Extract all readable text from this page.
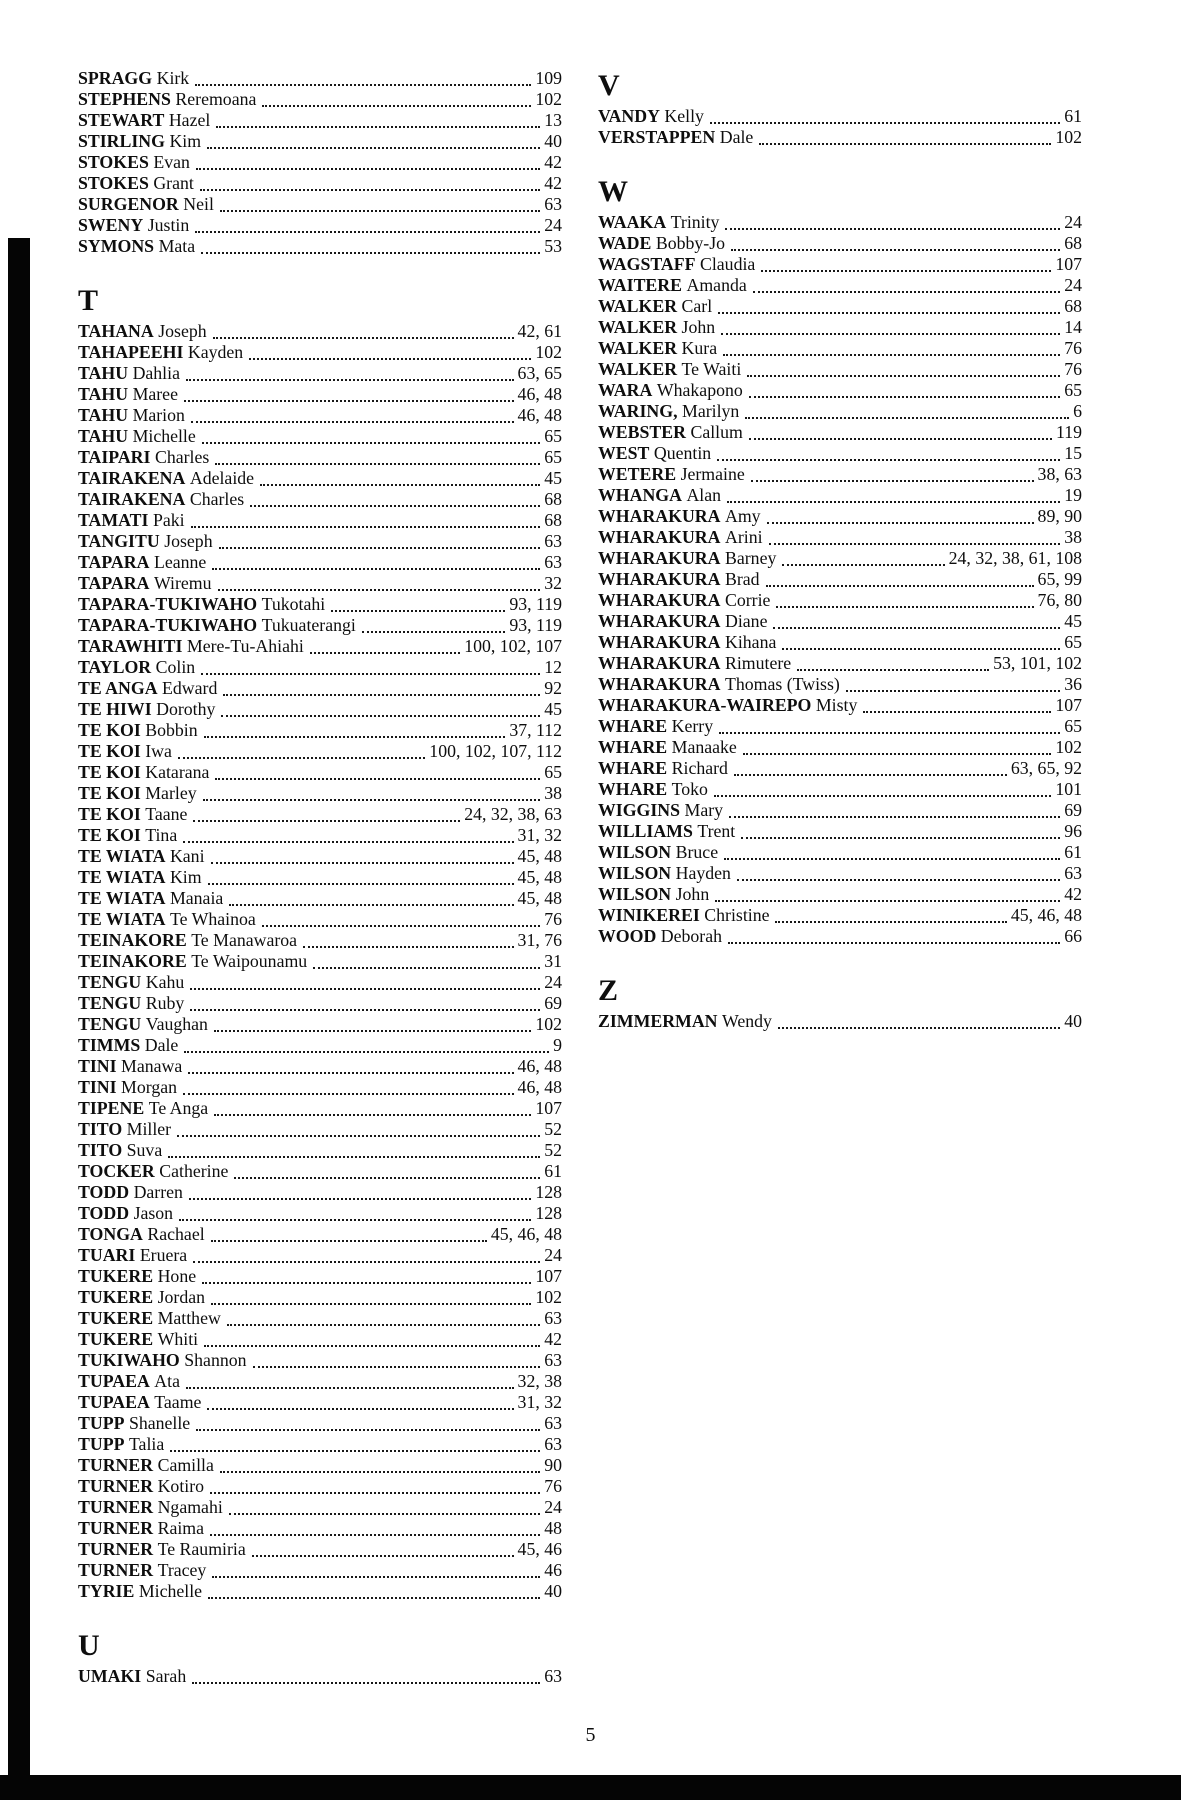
SPRAGG Kirk	109
STEPHENS Reremoana	102
STEWART Hazel	13
STIRLING Kim	40
STOKES Evan	42
STOKES Grant	42
SURGENOR Neil	63
SWENY Justin	24
SYMONS Mata	53
T
TAHANA Joseph	42, 61
TAHAPEEHI Kayden	102
TAHU Dahlia	63, 65
TAHU Maree	46, 48
TAHU Marion	46, 48
TAHU Michelle	65
TAIPARI Charles	65
TAIRAKENA Adelaide	45
TAIRAKENA Charles	68
TAMATI Paki	68
TANGITU Joseph	63
TAPARA Leanne	63
TAPARA Wiremu	32
TAPARA-TUKIWAHO Tukotahi	93, 119
TAPARA-TUKIWAHO Tukuaterangi	93, 119
TARAWHITI Mere-Tu-Ahiahi	100, 102, 107
TAYLOR Colin	12
TE ANGA Edward	92
TE HIWI Dorothy	45
TE KOI Bobbin	37, 112
TE KOI Iwa	100, 102, 107, 112
TE KOI Katarana	65
TE KOI Marley	38
TE KOI Taane	24, 32, 38, 63
TE KOI Tina	31, 32
TE WIATA Kani	45, 48
TE WIATA Kim	45, 48
TE WIATA Manaia	45, 48
TE WIATA Te Whainoa	76
TEINAKORE Te Manawaroa	31, 76
TEINAKORE Te Waipounamu	31
TENGU Kahu	24
TENGU Ruby	69
TENGU Vaughan	102
TIMMS Dale	9
TINI Manawa	46, 48
TINI Morgan	46, 48
TIPENE Te Anga	107
TITO Miller	52
TITO Suva	52
TOCKER Catherine	61
TODD Darren	128
TODD Jason	128
TONGA Rachael	45, 46, 48
TUARI Eruera	24
TUKERE Hone	107
TUKERE Jordan	102
TUKERE Matthew	63
TUKERE Whiti	42
TUKIWAHO Shannon	63
TUPAEA Ata	32, 38
TUPAEA Taame	31, 32
TUPP Shanelle	63
TUPP Talia	63
TURNER Camilla	90
TURNER Kotiro	76
TURNER Ngamahi	24
TURNER Raima	48
TURNER Te Raumiria	45, 46
TURNER Tracey	46
TYRIE Michelle	40
U
UMAKI Sarah	63
V
VANDY Kelly	61
VERSTAPPEN Dale	102
W
WAAKA Trinity	24
WADE Bobby-Jo	68
WAGSTAFF Claudia	107
WAITERE Amanda	24
WALKER Carl	68
WALKER John	14
WALKER Kura	76
WALKER Te Waiti	76
WARA Whakapono	65
WARING, Marilyn	6
WEBSTER Callum	119
WEST Quentin	15
WETERE Jermaine	38, 63
WHANGA Alan	19
WHARAKURA Amy	89, 90
WHARAKURA Arini	38
WHARAKURA Barney	24, 32, 38, 61, 108
WHARAKURA Brad	65, 99
WHARAKURA Corrie	76, 80
WHARAKURA Diane	45
WHARAKURA Kihana	65
WHARAKURA Rimutere	53, 101, 102
WHARAKURA Thomas (Twiss)	36
WHARAKURA-WAIREPO Misty	107
WHARE Kerry	65
WHARE Manaake	102
WHARE Richard	63, 65, 92
WHARE Toko	101
WIGGINS Mary	69
WILLIAMS Trent	96
WILSON Bruce	61
WILSON Hayden	63
WILSON John	42
WINIKEREI Christine	45, 46, 48
WOOD Deborah	66
Z
ZIMMERMAN Wendy	40
5
